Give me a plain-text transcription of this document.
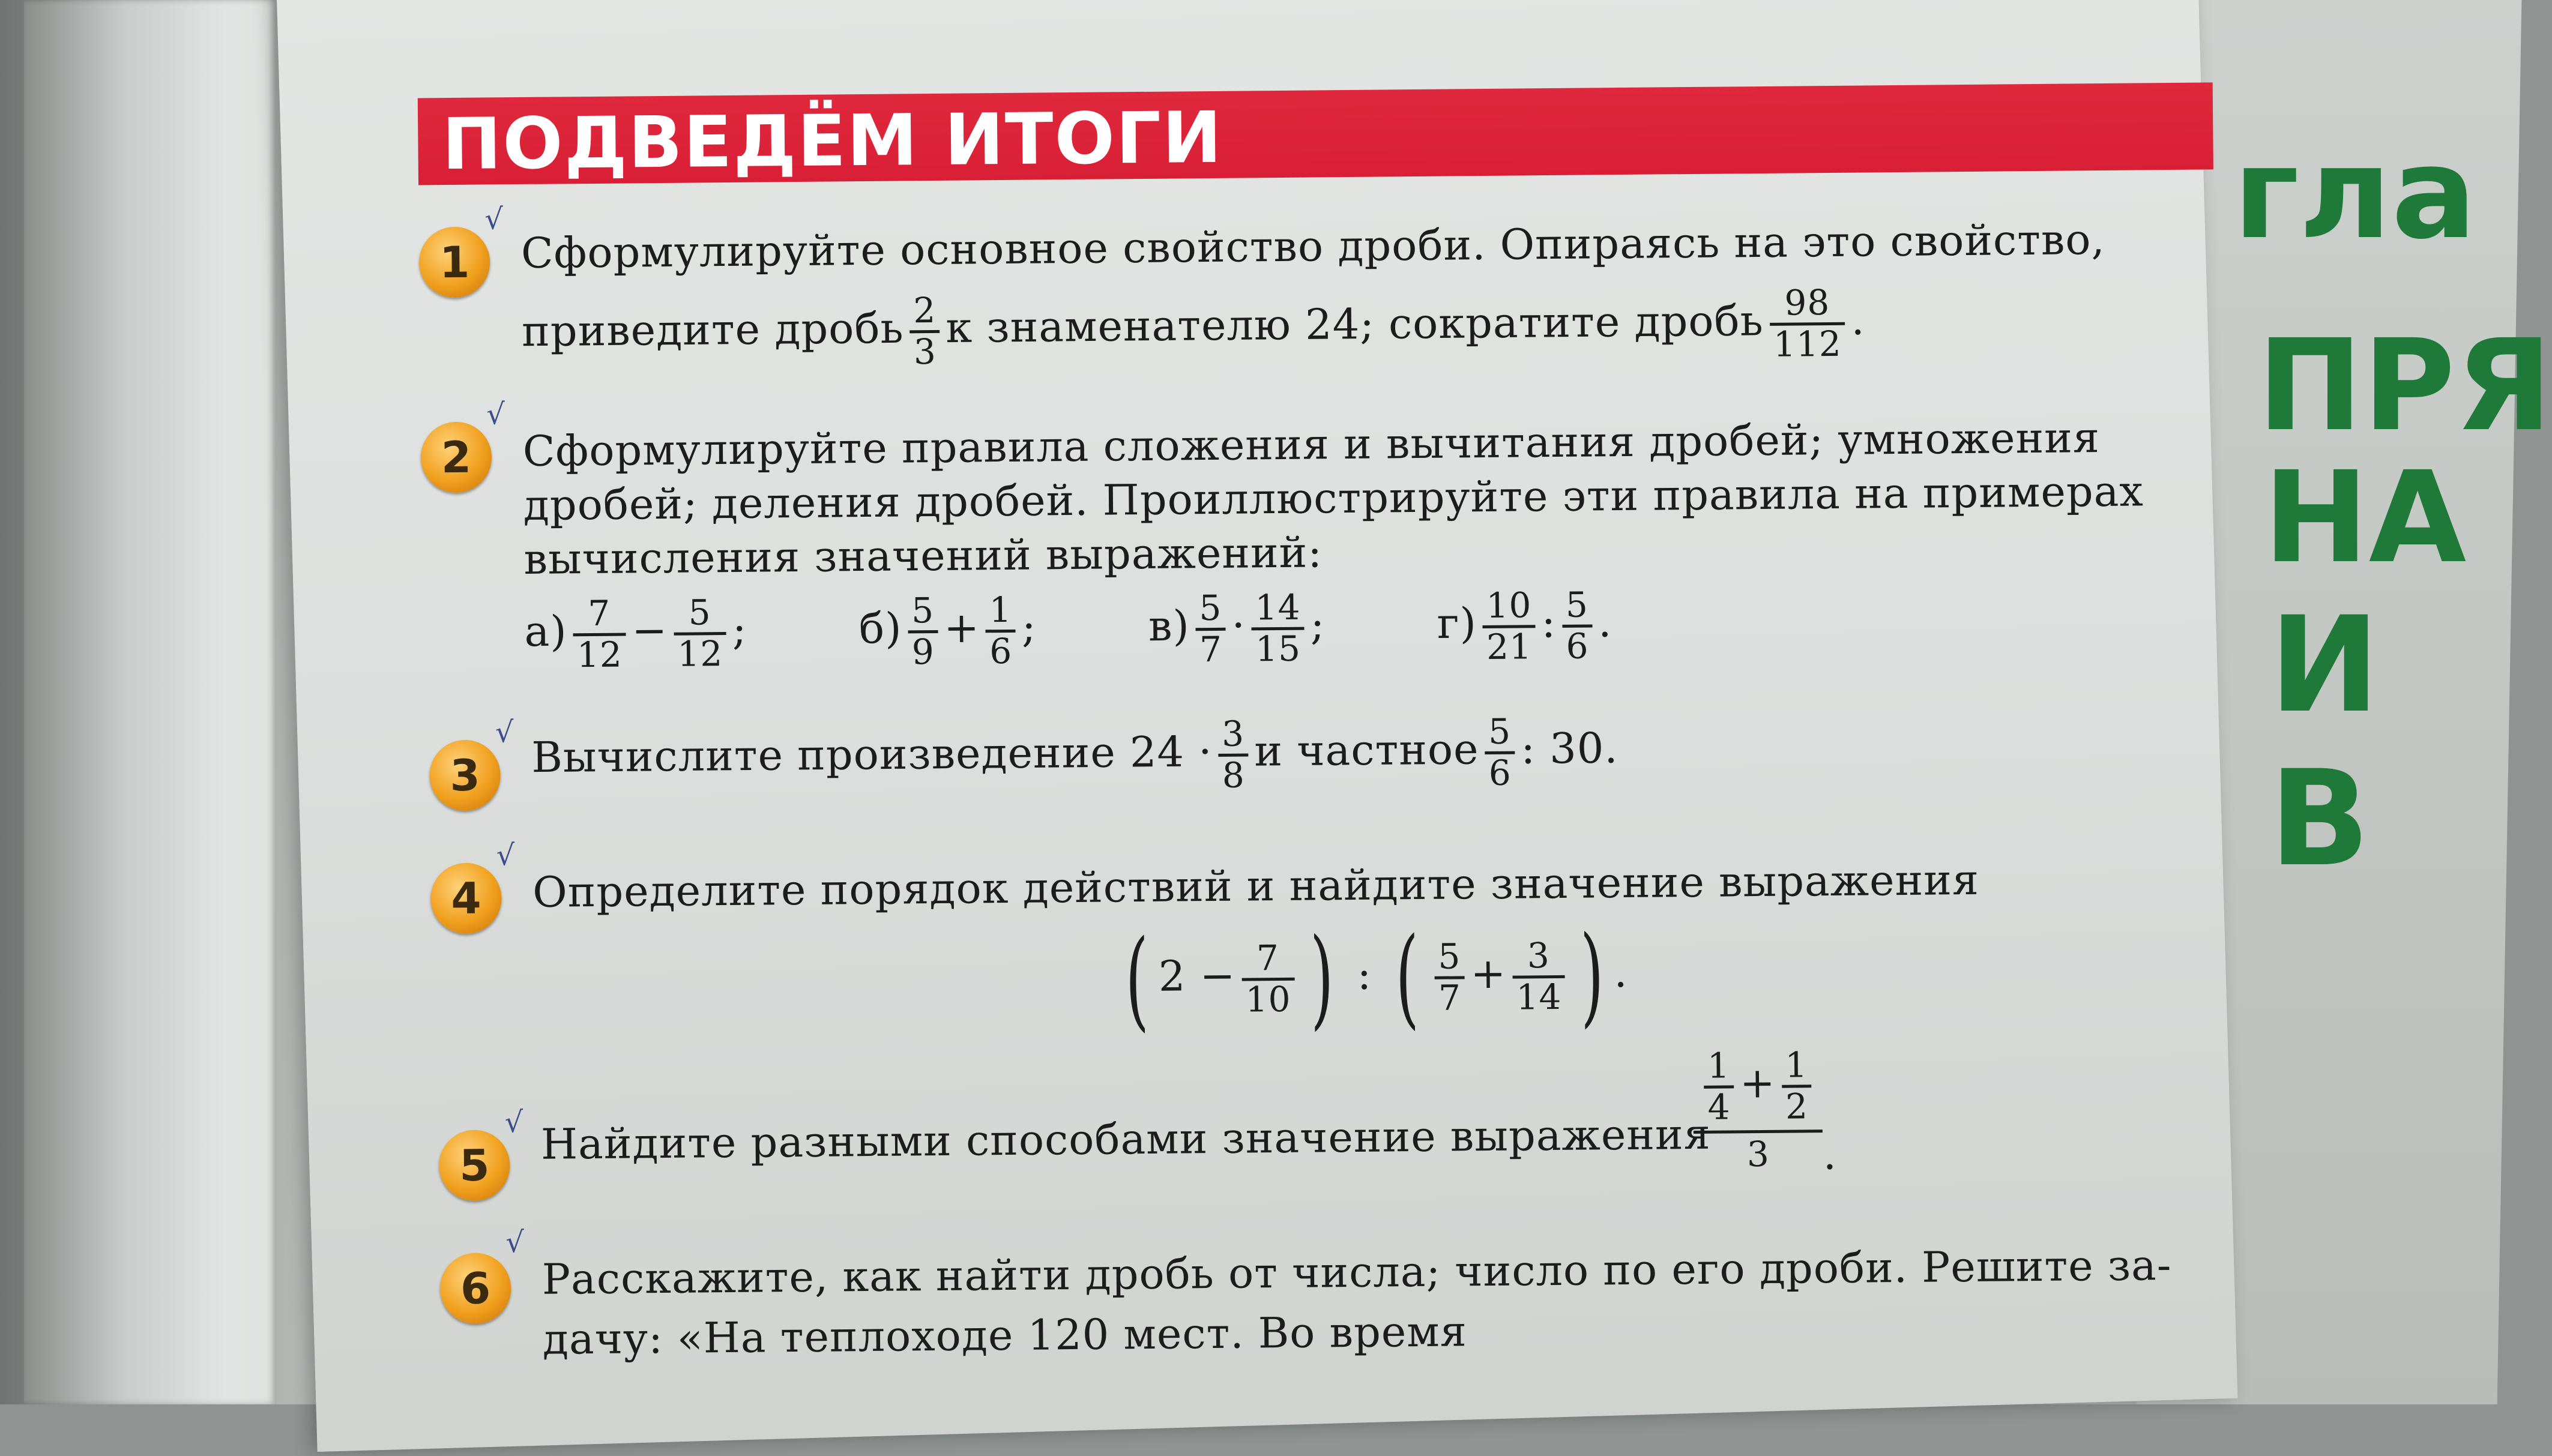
гла
ПРЯ
НА
И В
ПОДВЕДЁМ ИТОГИ
1
√ Сформулируйте основное свойство дроби. Опираясь на это свойство,
приведите дробь $\frac{2}{3}$ к знаменателю 24; сократите дробь $\frac{98}{112}$ .
2
√ Сформулируйте правила сложения и вычитания дробей; умножения
дробей; деления дробей. Проиллюстрируйте эти правила на примерах
вычисления значений выражений:
$а) \frac{7}{12} - \frac{5}{12}$ ;	$б) \frac{5}{9} + \frac{1}{6}$ ;	$в) \frac{5}{7} \cdot \frac{14}{15}$ ;	$г) \frac{10}{21}$ : $\frac{5}{6}$ .
3
√ Вычислите произведение $24 \cdot \frac{3}{8}$ и частное $\frac{5}{6}$ : 30.
4
√ Определите порядок действий и найдите значение выражения
( $2 - \frac{7}{10}$ ) : ( $\frac{5}{7} + \frac{3}{14}$ ) .
5
√ Найдите разными способами значение выражения
$\frac{1}{4} + \frac{1}{2}$
3	.
6
√ Расскажите, как найти дробь от числа; число по его дроби. Решите за-
дачу: «На теплоходе 120 мест. Во время
